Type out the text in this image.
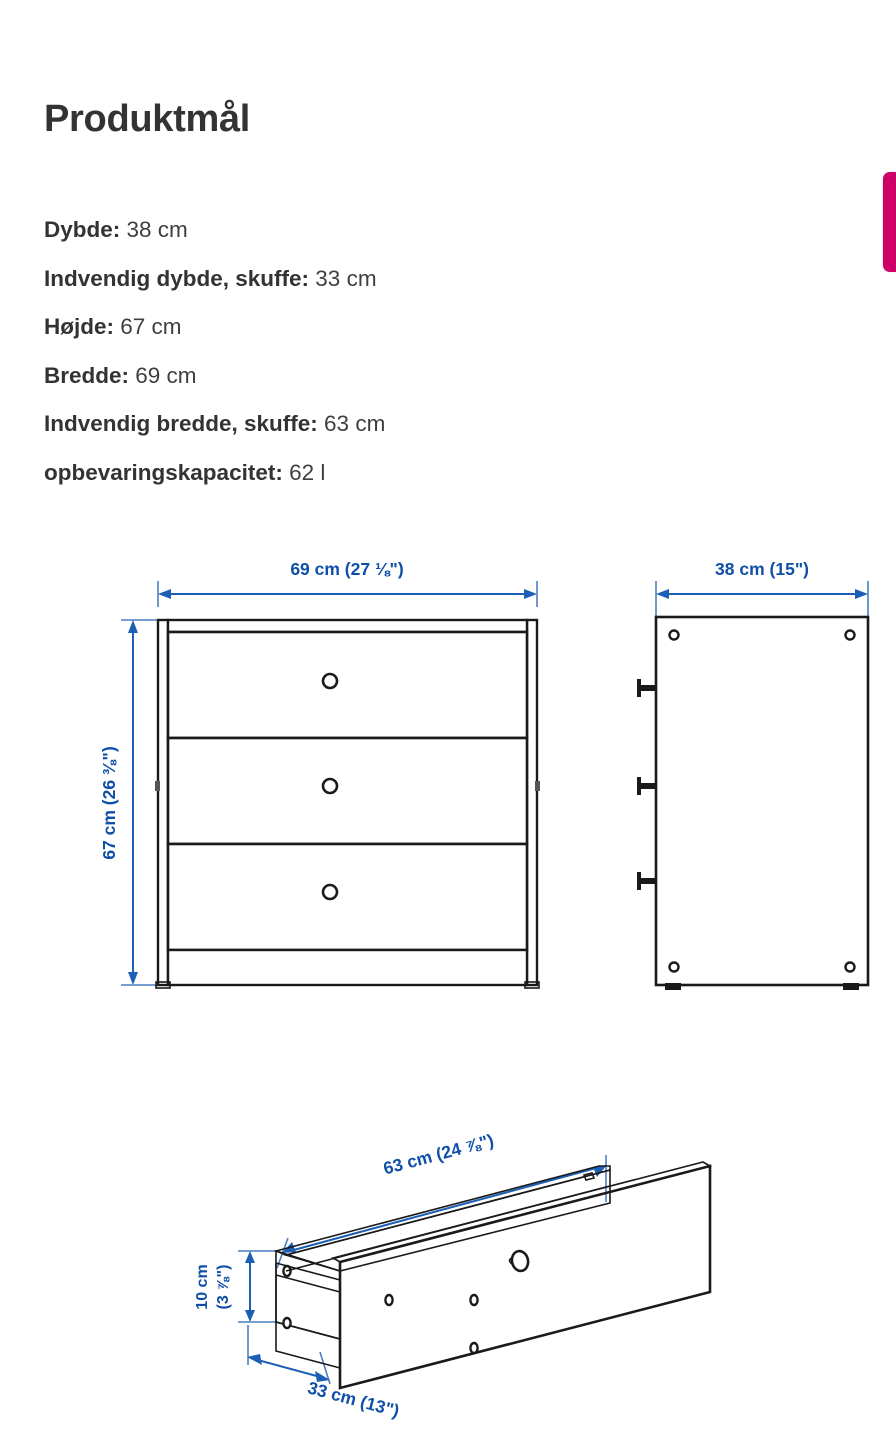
Produktmål
Dybde: 38 cm
Indvendig dybde, skuffe: 33 cm
Højde: 67 cm
Bredde: 69 cm
Indvendig bredde, skuffe: 63 cm
opbevaringskapacitet: 62 l
69 cm (27 ⅛")
67 cm (26 ⅜")
38 cm (15")
63 cm (24 ⅞")
10 cm (3 ⅞")
33 cm (13")
